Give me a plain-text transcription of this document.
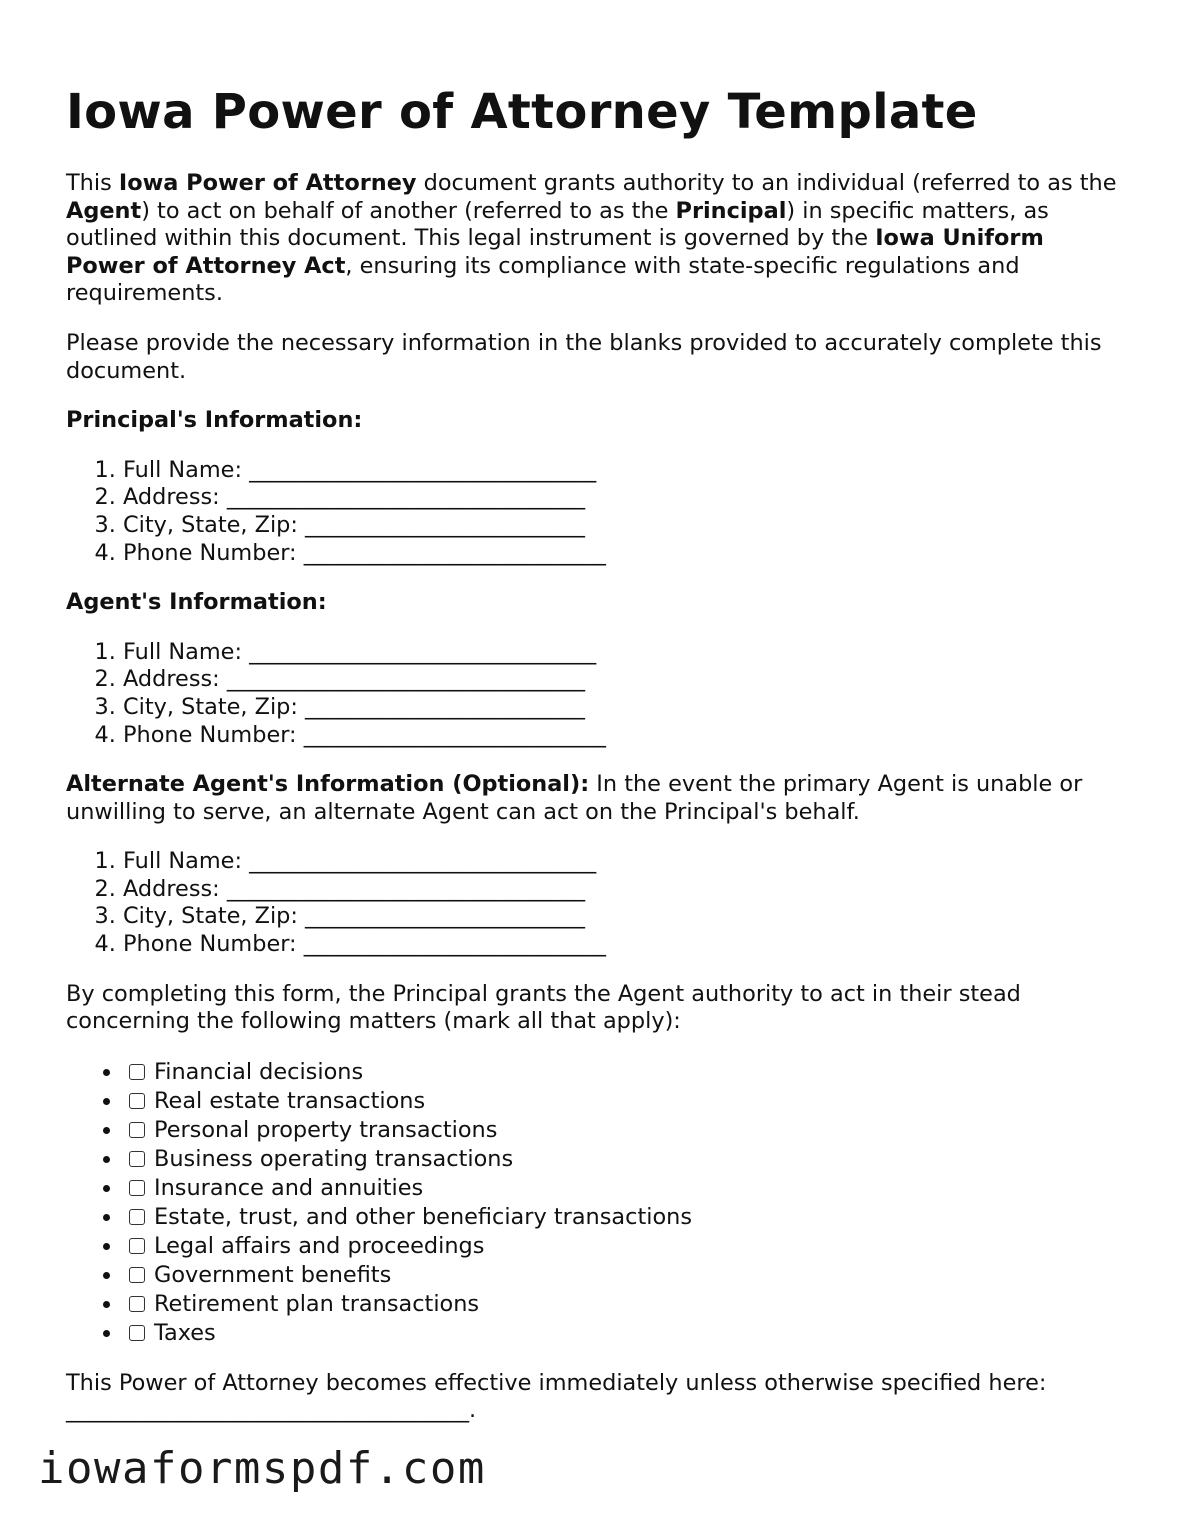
Iowa Power of Attorney Template

This Iowa Power of Attorney document grants authority to an individual (referred to as the Agent) to act on behalf of another (referred to as the Principal) in specific matters, as outlined within this document. This legal instrument is governed by the Iowa Uniform Power of Attorney Act, ensuring its compliance with state-specific regulations and requirements.

Please provide the necessary information in the blanks provided to accurately complete this document.

Principal's Information:

1. Full Name: _______________________________
2. Address: ________________________________
3. City, State, Zip: _________________________
4. Phone Number: ___________________________

Agent's Information:

1. Full Name: _______________________________
2. Address: ________________________________
3. City, State, Zip: _________________________
4. Phone Number: ___________________________

Alternate Agent's Information (Optional): In the event the primary Agent is unable or unwilling to serve, an alternate Agent can act on the Principal's behalf.

1. Full Name: _______________________________
2. Address: ________________________________
3. City, State, Zip: _________________________
4. Phone Number: ___________________________

By completing this form, the Principal grants the Agent authority to act in their stead concerning the following matters (mark all that apply):

• Financial decisions
• Real estate transactions
• Personal property transactions
• Business operating transactions
• Insurance and annuities
• Estate, trust, and other beneficiary transactions
• Legal affairs and proceedings
• Government benefits
• Retirement plan transactions
• Taxes

This Power of Attorney becomes effective immediately unless otherwise specified here:
____________________________________.

iowaformspdf.com
